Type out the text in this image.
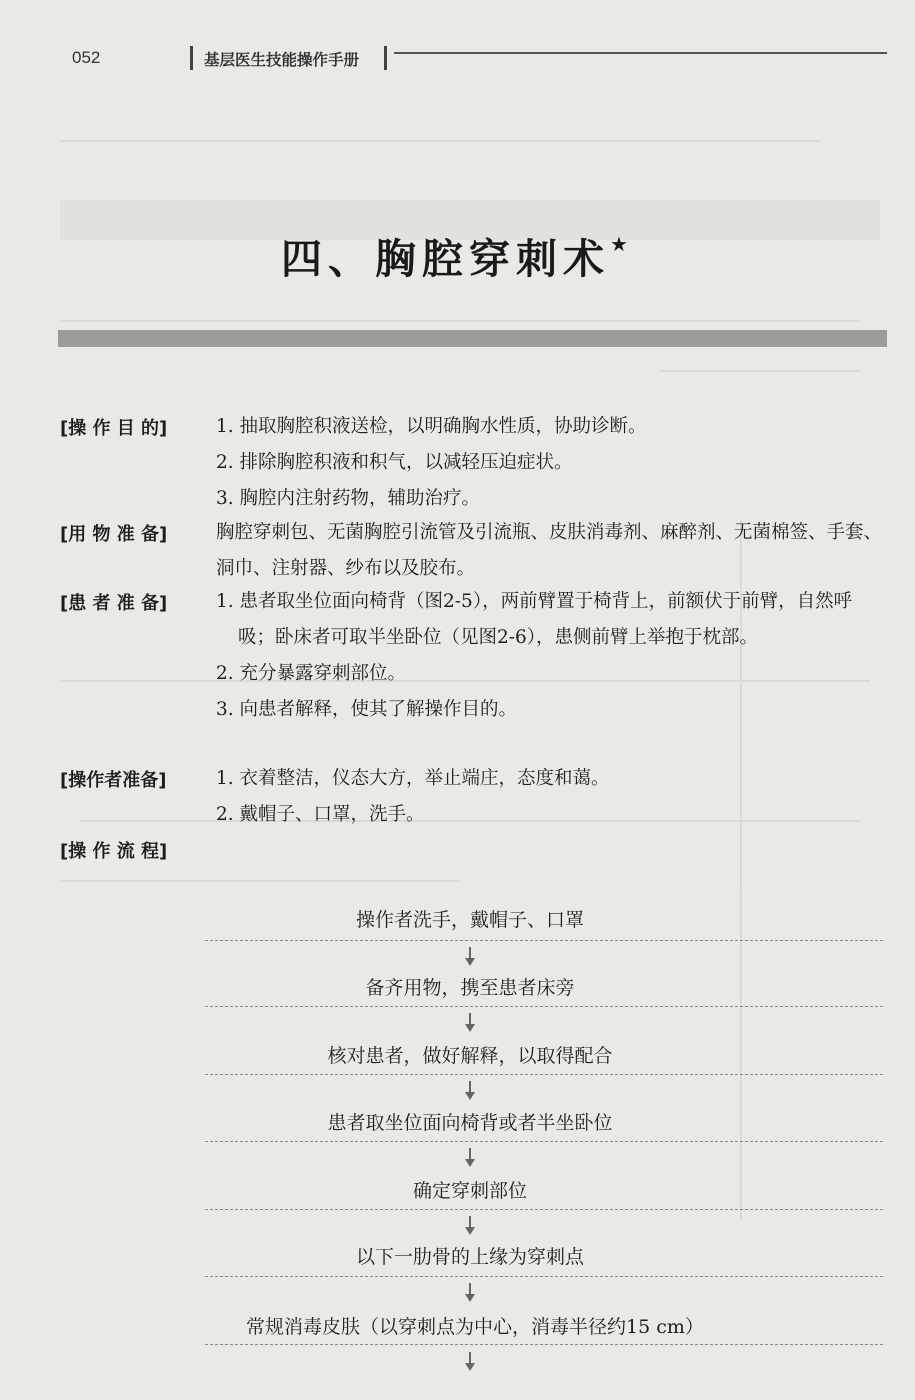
052	基层医生技能操作手册
四、胸腔穿刺术★
[操 作 目 的]	1. 抽取胸腔积液送检，以明确胸水性质，协助诊断。

2. 排除胸腔积液和积气，以减轻压迫症状。

3. 胸腔内注射药物，辅助治疗。

[用 物 准 备]	胸腔穿刺包、无菌胸腔引流管及引流瓶、皮肤消毒剂、麻醉剂、无菌棉签、手套、洞巾、注射器、纱布以及胶布。

[患 者 准 备]	1. 患者取坐位面向椅背（图2-5），两前臂置于椅背上，前额伏于前臂，自然呼吸；卧床者可取半坐卧位（见图2-6），患侧前臂上举抱于枕部。

2. 充分暴露穿刺部位。

3. 向患者解释，使其了解操作目的。

[操作者准备]	1. 衣着整洁，仪态大方，举止端庄，态度和蔼。

2. 戴帽子、口罩，洗手。

[操 作 流 程]
操作者洗手，戴帽子、口罩
备齐用物，携至患者床旁
核对患者，做好解释，以取得配合
患者取坐位面向椅背或者半坐卧位
确定穿刺部位
以下一肋骨的上缘为穿刺点
常规消毒皮肤（以穿刺点为中心，消毒半径约15 cm）
